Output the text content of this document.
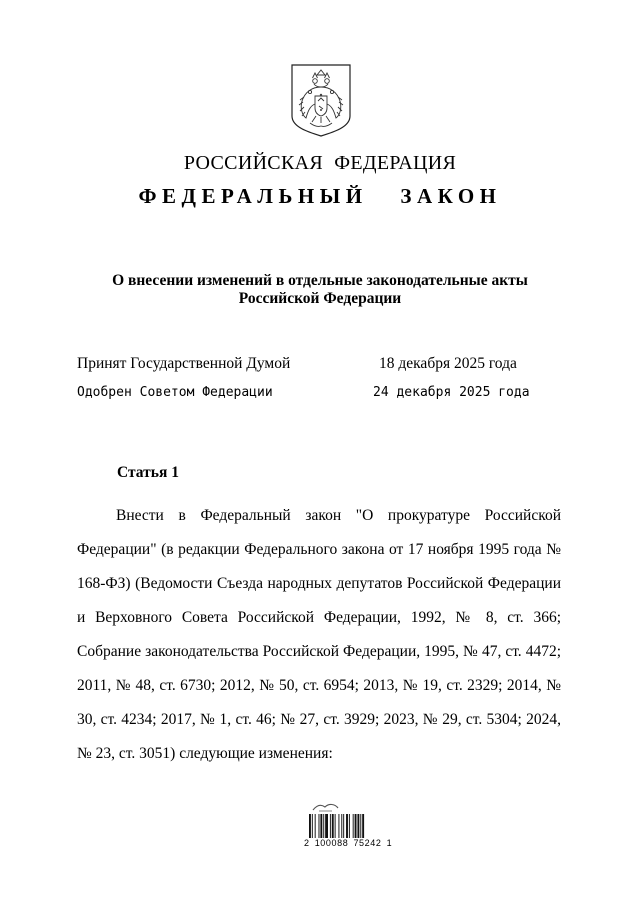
РОССИЙСКАЯ ФЕДЕРАЦИЯ
ФЕДЕРАЛЬНЫЙ ЗАКОН
О внесении изменений в отдельные законодательные акты
Российской Федерации
Принят Государственной Думой	18 декабря 2025 года
Одобрен Советом Федерации	24 декабря 2025 года
Статья 1

Внести в Федеральный закон "О прокуратуре Российской Федерации" (в редакции Федерального закона от 17 ноября 1995 года № 168-ФЗ) (Ведомости Съезда народных депутатов Российской Федерации и Верховного Совета Российской Федерации, 1992, № 8, ст. 366; Собрание законодательства Российской Федерации, 1995, № 47, ст. 4472; 2011, № 48, ст. 6730; 2012, № 50, ст. 6954; 2013, № 19, ст. 2329; 2014, № 30, ст. 4234; 2017, № 1, ст. 46; № 27, ст. 3929; 2023, № 29, ст. 5304; 2024, № 23, ст. 3051) следующие изменения:

2 100088 75242 1
